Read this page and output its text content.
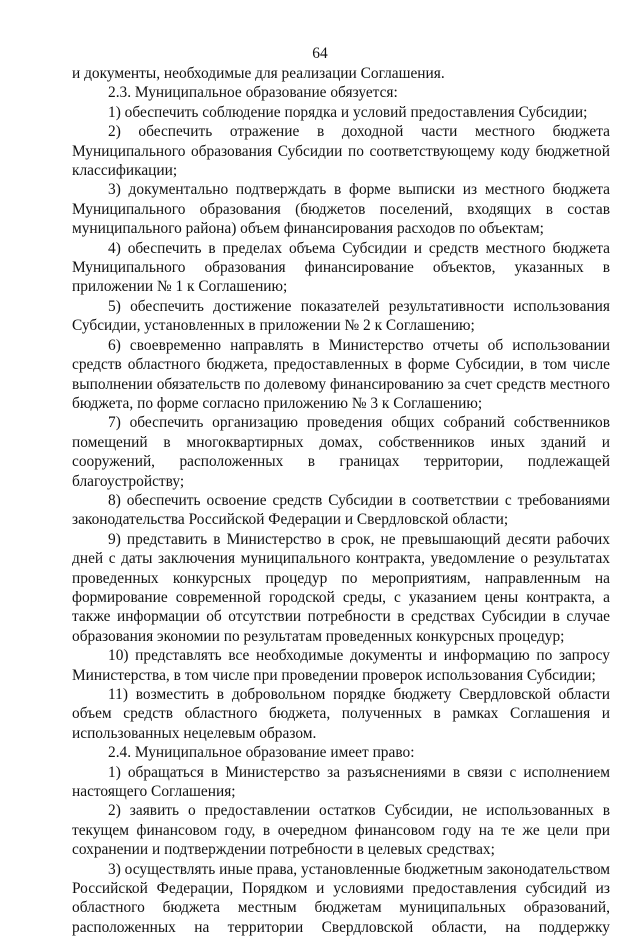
64

и документы, необходимые для реализации Соглашения.

2.3. Муниципальное образование обязуется:

1) обеспечить соблюдение порядка и условий предоставления Субсидии;

2) обеспечить отражение в доходной части местного бюджета Муниципального образования Субсидии по соответствующему коду бюджетной классификации;

3) документально подтверждать в форме выписки из местного бюджета Муниципального образования (бюджетов поселений, входящих в состав муниципального района) объем финансирования расходов по объектам;

4) обеспечить в пределах объема Субсидии и средств местного бюджета Муниципального образования финансирование объектов, указанных в приложении № 1 к Соглашению;

5) обеспечить достижение показателей результативности использования Субсидии, установленных в приложении № 2 к Соглашению;

6) своевременно направлять в Министерство отчеты об использовании средств областного бюджета, предоставленных в форме Субсидии, в том числе выполнении обязательств по долевому финансированию за счет средств местного бюджета, по форме согласно приложению № 3 к Соглашению;

7) обеспечить организацию проведения общих собраний собственников помещений в многоквартирных домах, собственников иных зданий и сооружений, расположенных в границах территории, подлежащей благоустройству;

8) обеспечить освоение средств Субсидии в соответствии с требованиями законодательства Российской Федерации и Свердловской области;

9) представить в Министерство в срок, не превышающий десяти рабочих дней с даты заключения муниципального контракта, уведомление о результатах проведенных конкурсных процедур по мероприятиям, направленным на формирование современной городской среды, с указанием цены контракта, а также информации об отсутствии потребности в средствах Субсидии в случае образования экономии по результатам проведенных конкурсных процедур;

10) представлять все необходимые документы и информацию по запросу Министерства, в том числе при проведении проверок использования Субсидии;

11) возместить в добровольном порядке бюджету Свердловской области объем средств областного бюджета, полученных в рамках Соглашения и использованных нецелевым образом.

2.4. Муниципальное образование имеет право:

1) обращаться в Министерство за разъяснениями в связи с исполнением настоящего Соглашения;

2) заявить о предоставлении остатков Субсидии, не использованных в текущем финансовом году, в очередном финансовом году на те же цели при сохранении и подтверждении потребности в целевых средствах;

3) осуществлять иные права, установленные бюджетным законодательством Российской Федерации, Порядком и условиями предоставления субсидий из областного бюджета местным бюджетам муниципальных образований, расположенных на территории Свердловской области, на поддержку
